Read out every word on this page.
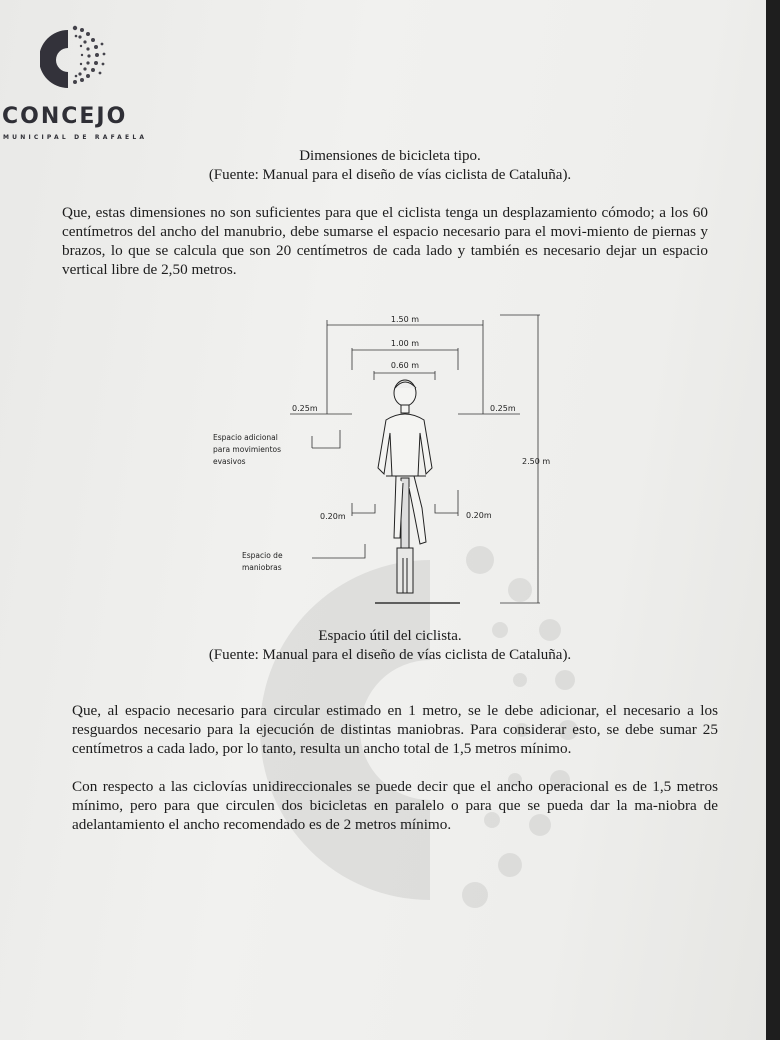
CONCEJO
MUNICIPAL DE RAFAELA
Dimensiones de bicicleta tipo.
(Fuente: Manual para el diseño de vías ciclista de Cataluña).

Que, estas dimensiones no son suficientes para que el ciclista tenga un desplazamiento cómodo; a los 60 centímetros del ancho del manubrio, debe sumarse el espacio necesario para el movi-miento de piernas y brazos, lo que se calcula que son 20 centímetros de cada lado y también es necesario dejar un espacio vertical libre de 2,50 metros.

1.50 m
1.00 m
0.60 m
0.25m	0.25m
2.50 m
0.20m	0.20m
Espacio adicional
para movimientos
evasivos
Espacio de
maniobras
Espacio útil del ciclista.
(Fuente: Manual para el diseño de vías ciclista de Cataluña).

Que, al espacio necesario para circular estimado en 1 metro, se le debe adicionar, el necesario a los resguardos necesario para la ejecución de distintas maniobras. Para considerar esto, se debe sumar 25 centímetros a cada lado, por lo tanto, resulta un ancho total de 1,5 metros mínimo.

Con respecto a las ciclovías unidireccionales se puede decir que el ancho operacional es de 1,5 metros mínimo, pero para que circulen dos bicicletas en paralelo o para que se pueda dar la ma-niobra de adelantamiento el ancho recomendado es de 2 metros mínimo.
